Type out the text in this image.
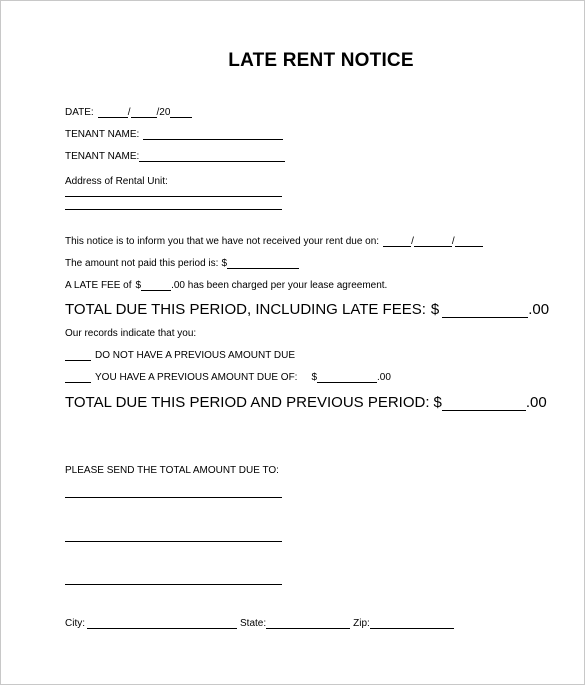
LATE RENT NOTICE
DATE:	/	/20
TENANT NAME:
TENANT NAME:
Address of Rental Unit:
This notice is to inform you that we have not received your rent due on:	/	/
The amount not paid this period is: $
A LATE FEE of $	.00 has been charged per your lease agreement.
TOTAL DUE THIS PERIOD, INCLUDING LATE FEES: $	.00
Our records indicate that you:
DO NOT HAVE A PREVIOUS AMOUNT DUE
YOU HAVE A PREVIOUS AMOUNT DUE OF: $	.00
TOTAL DUE THIS PERIOD AND PREVIOUS PERIOD: $	.00
PLEASE SEND THE TOTAL AMOUNT DUE TO:
City:	State:	Zip:
